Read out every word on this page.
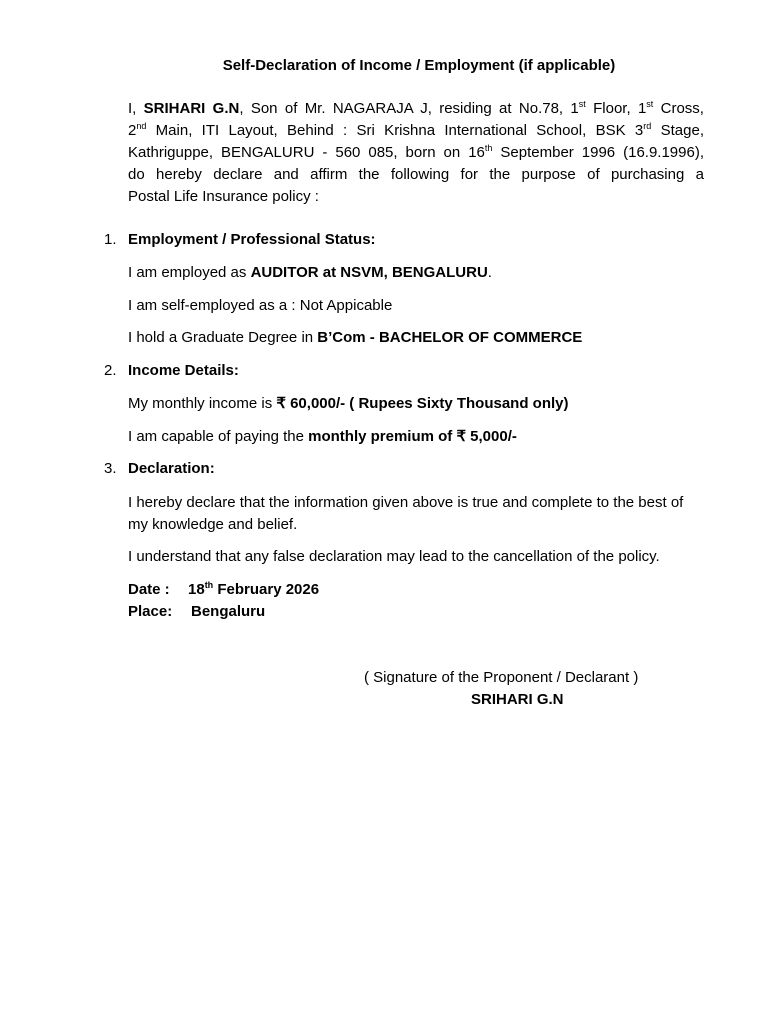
Self-Declaration of Income / Employment (if applicable)
I, SRIHARI G.N, Son of Mr. NAGARAJA J, residing at No.78, 1st Floor, 1st Cross,
2nd Main, ITI Layout, Behind : Sri Krishna International School, BSK 3rd Stage,
Kathriguppe, BENGALURU - 560 085, born on 16th September 1996 (16.9.1996),
do hereby declare and affirm the following for the purpose of purchasing a
Postal Life Insurance policy :
1. Employment / Professional Status:
I am employed as AUDITOR at NSVM, BENGALURU.
I am self-employed as a : Not Appicable
I hold a Graduate Degree in B’Com - BACHELOR OF COMMERCE
2. Income Details:
My monthly income is ₹ 60,000/- ( Rupees Sixty Thousand only)
I am capable of paying the monthly premium of ₹ 5,000/-
3. Declaration:
I hereby declare that the information given above is true and complete to the best of my knowledge and belief.
I understand that any false declaration may lead to the cancellation of the policy.
Date : 18th February 2026
Place: Bengaluru
( Signature of the Proponent / Declarant )
SRIHARI G.N
